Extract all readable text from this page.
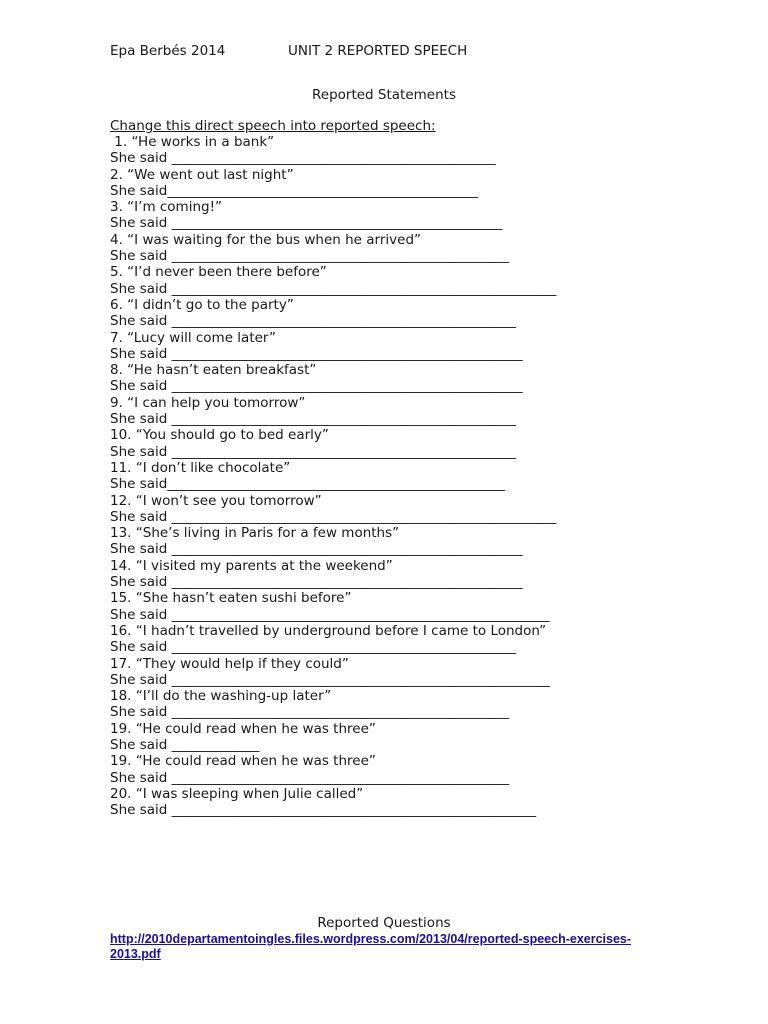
Epa Berbés 2014	UNIT 2 REPORTED SPEECH
Reported Statements
Change this direct speech into reported speech:
1. “He works in a bank”
She said ________________________________________________
2. “We went out last night”
She said______________________________________________
3. “I’m coming!”
She said _________________________________________________
4. “I was waiting for the bus when he arrived”
She said __________________________________________________
5. “I’d never been there before”
She said _________________________________________________________
6. “I didn’t go to the party”
She said ___________________________________________________
7. “Lucy will come later”
She said ____________________________________________________
8. “He hasn’t eaten breakfast”
She said ____________________________________________________
9. “I can help you tomorrow”
She said ___________________________________________________
10. “You should go to bed early”
She said ___________________________________________________
11. “I don’t like chocolate”
She said__________________________________________________
12. “I won’t see you tomorrow”
She said _________________________________________________________
13. “She’s living in Paris for a few months”
She said ____________________________________________________
14. “I visited my parents at the weekend”
She said ____________________________________________________
15. “She hasn’t eaten sushi before”
She said ________________________________________________________
16. “I hadn’t travelled by underground before I came to London”
She said ___________________________________________________
17. “They would help if they could”
She said ________________________________________________________
18. “I’ll do the washing-up later”
She said __________________________________________________
19. “He could read when he was three”
She said _____________
19. “He could read when he was three”
She said __________________________________________________
20. “I was sleeping when Julie called”
She said ______________________________________________________
Reported Questions
http://2010departamentoingles.files.wordpress.com/2013/04/reported-speech-exercises-
2013.pdf
